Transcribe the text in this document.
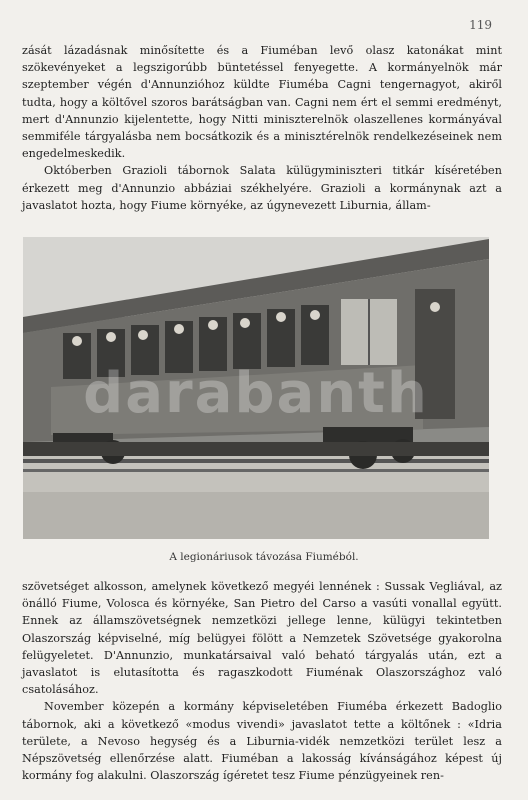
119

zását lázadásnak minősítette és a Fiuméban levő olasz katonákat mint szökevényeket a legszigorúbb büntetéssel fenyegette. A kormányelnök már szeptember végén d'Annunzióhoz küldte Fiuméba Cagni tengernagyot, akiről tudta, hogy a költővel szoros barátságban van. Cagni nem ért el semmi eredményt, mert d'Annunzio kijelentette, hogy Nitti miniszterelnök olaszellenes kormányával semmiféle tárgyalásba nem bocsátkozik és a minisztérelnök rendelkezéseinek nem engedelmeskedik.

Októberben Grazioli tábornok Salata külügyminiszteri titkár kíséretében érkezett meg d'Annunzio abbáziai székhelyére. Grazioli a kormánynak azt a javaslatot hozta, hogy Fiume környéke, az úgynevezett Liburnia, állam-

darabanth
A legionáriusok távozása Fiuméból.

szövetséget alkosson, amelynek következő megyéi lennének : Sussak Vegliával, az önálló Fiume, Volosca és környéke, San Pietro del Carso a vasúti vonallal együtt. Ennek az államszövetségnek nemzetközi jellege lenne, külügyi tekintetben Olaszország képviselné, míg belügyei fölött a Nemzetek Szövetsége gyakorolna felügyeletet. D'Annunzio, munkatársaival való beható tárgyalás után, ezt a javaslatot is elutasította és ragaszkodott Fiuménak Olaszországhoz való csatolásához.

November közepén a kormány képviseletében Fiuméba érkezett Badoglio tábornok, aki a következő «modus vivendi» javaslatot tette a költőnek : «Idria területe, a Nevoso hegység és a Liburnia-vidék nemzetközi terület lesz a Népszövetség ellenőrzése alatt. Fiuméban a lakosság kívánságához képest új kormány fog alakulni. Olaszország ígéretet tesz Fiume pénzügyeinek ren-
